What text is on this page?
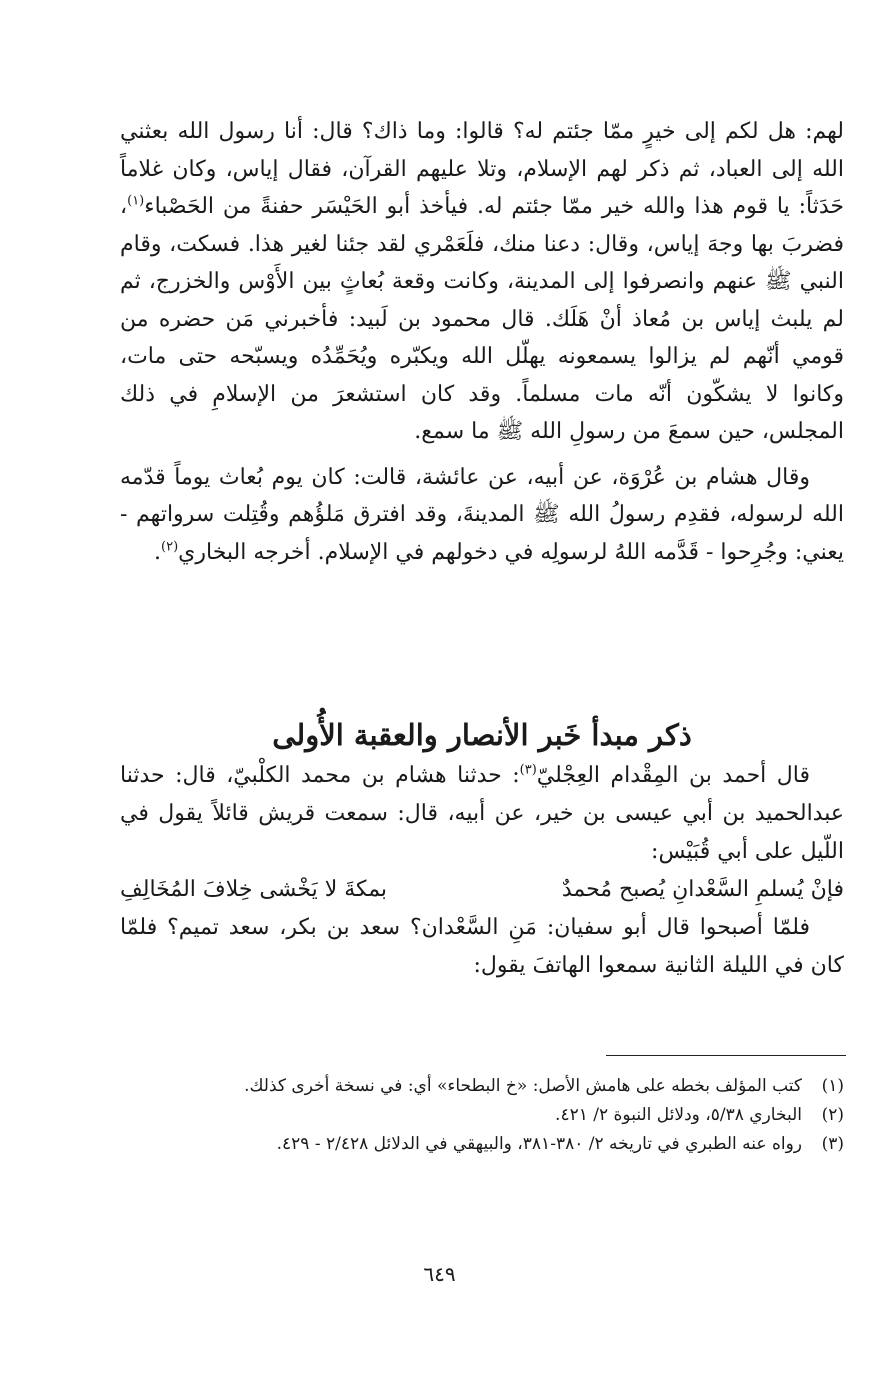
لهم: هل لكم إلى خيرٍ ممّا جئتم له؟ قالوا: وما ذاك؟ قال: أنا رسول الله بعثني الله إلى العباد، ثم ذكر لهم الإسلام، وتلا عليهم القرآن، فقال إياس، وكان غلاماً حَدَثاً: يا قوم هذا والله خير ممّا جئتم له. فيأخذ أبو الحَيْسَر حفنةً من الحَصْباء$^{(١)}$، فضربَ بها وجهَ إياس، وقال: دعنا منك، فلَعَمْري لقد جئنا لغير هذا. فسكت، وقام النبي ﷺ عنهم وانصرفوا إلى المدينة، وكانت وقعة بُعاثٍ بين الأَوْس والخزرج، ثم لم يلبث إياس بن مُعاذ أنْ هَلَك. قال محمود بن لَبيد: فأخبرني مَن حضره من قومي أنّهم لم يزالوا يسمعونه يهلّل الله ويكبّره ويُحَمِّدُه ويسبّحه حتى مات، وكانوا لا يشكّون أنّه مات مسلماً. وقد كان استشعرَ من الإسلامِ في ذلك المجلس، حين سمعَ من رسولِ الله ﷺ ما سمع.

وقال هشام بن عُرْوَة، عن أبيه، عن عائشة، قالت: كان يوم بُعاث يوماً قدّمه الله لرسوله، فقدِم رسولُ الله ﷺ المدينةَ، وقد افترق مَلؤُهم وقُتِلت سرواتهم - يعني: وجُرِحوا - قَدَّمه اللهُ لرسولِه في دخولهم في الإسلام. أخرجه البخاري$^{(٢)}$.

ذكر مبدأ خَبر الأنصار والعقبة الأُولى

قال أحمد بن المِقْدام العِجْليّ$^{(٣)}$: حدثنا هشام بن محمد الكلْبيّ، قال: حدثنا عبدالحميد بن أبي عيسى بن خير، عن أبيه، قال: سمعت قريش قائلاً يقول في اللّيل على أبي قُبَيْس:

فإنْ يُسلمِ السَّعْدانِ يُصبح مُحمدٌ
بمكةَ لا يَخْشى خِلافَ المُخَالِفِ

فلمّا أصبحوا قال أبو سفيان: مَنِ السَّعْدان؟ سعد بن بكر، سعد تميم؟ فلمّا كان في الليلة الثانية سمعوا الهاتفَ يقول:

(١)
كتب المؤلف بخطه على هامش الأصل: «خ البطحاء» أي: في نسخة أخرى كذلك.
(٢)
البخاري ٥/٣٨، ودلائل النبوة ٢/ ٤٢١.
(٣)
رواه عنه الطبري في تاريخه ٢/ ٣٨٠-٣٨١، والبيهقي في الدلائل ٢/٤٢٨ - ٤٢٩.
٦٤٩
